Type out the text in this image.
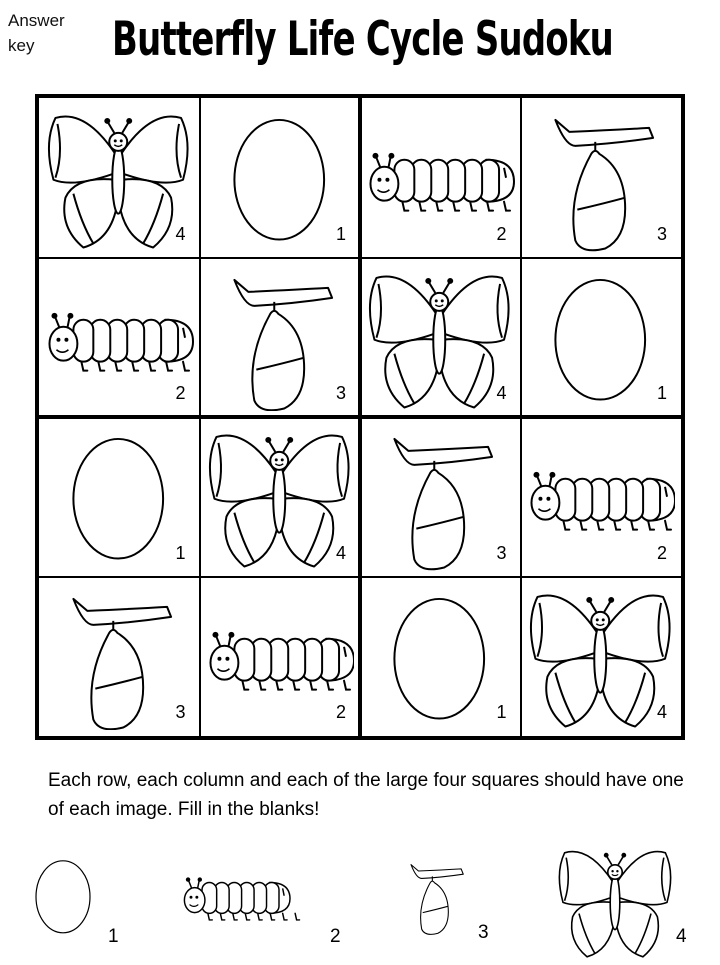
Answer key	Butterfly Life Cycle Sudoku
4	1	2	3
2	3	4	1
1	4	3	2
3	2	1	4
Each row, each column and each of the large four squares should have one of each image. Fill in the blanks!
1	2	3	4
